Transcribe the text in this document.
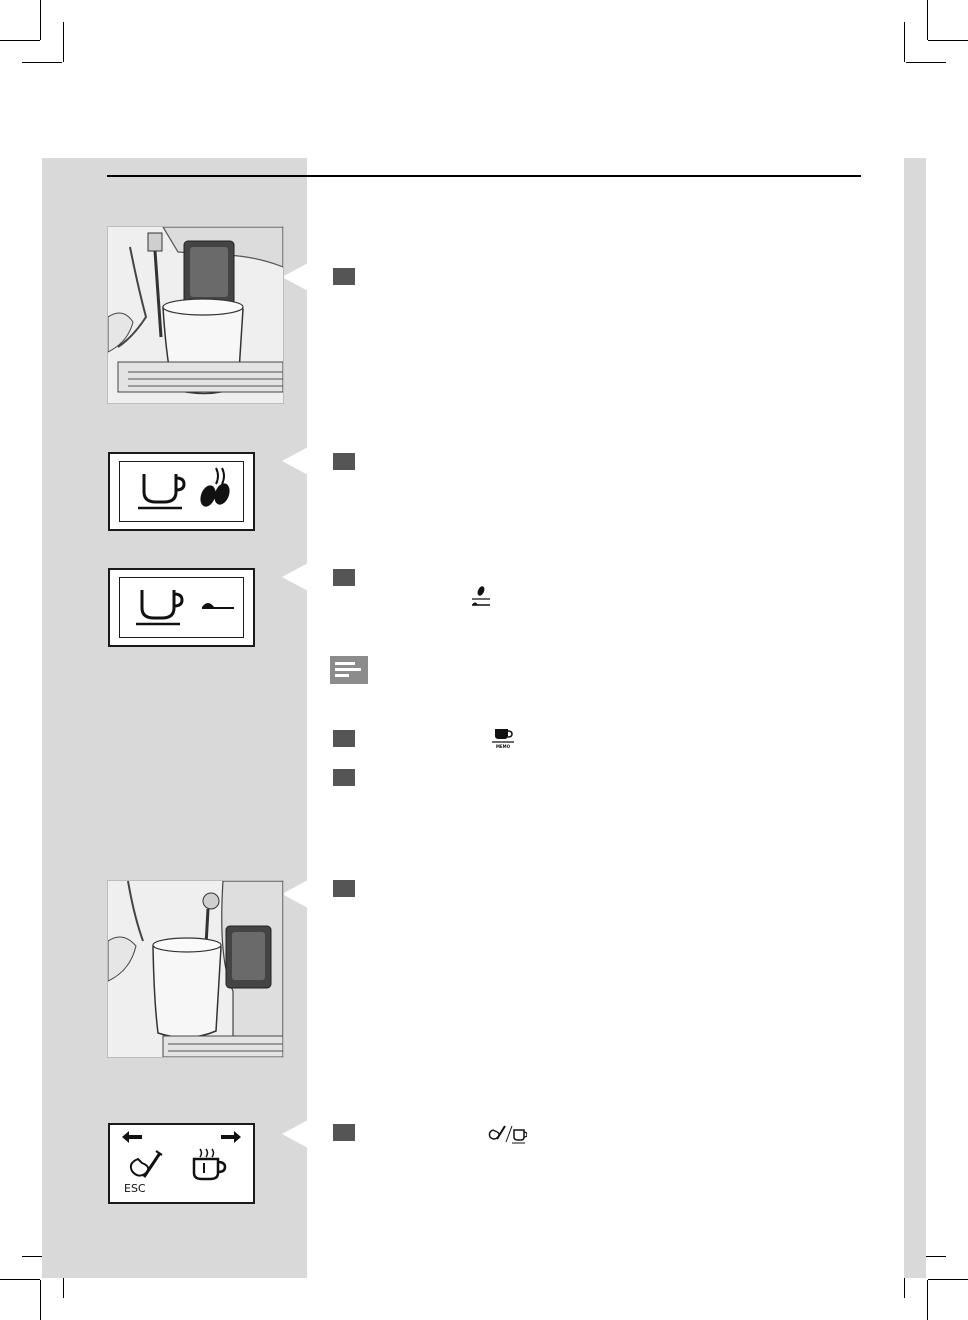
ESC
MEMO
